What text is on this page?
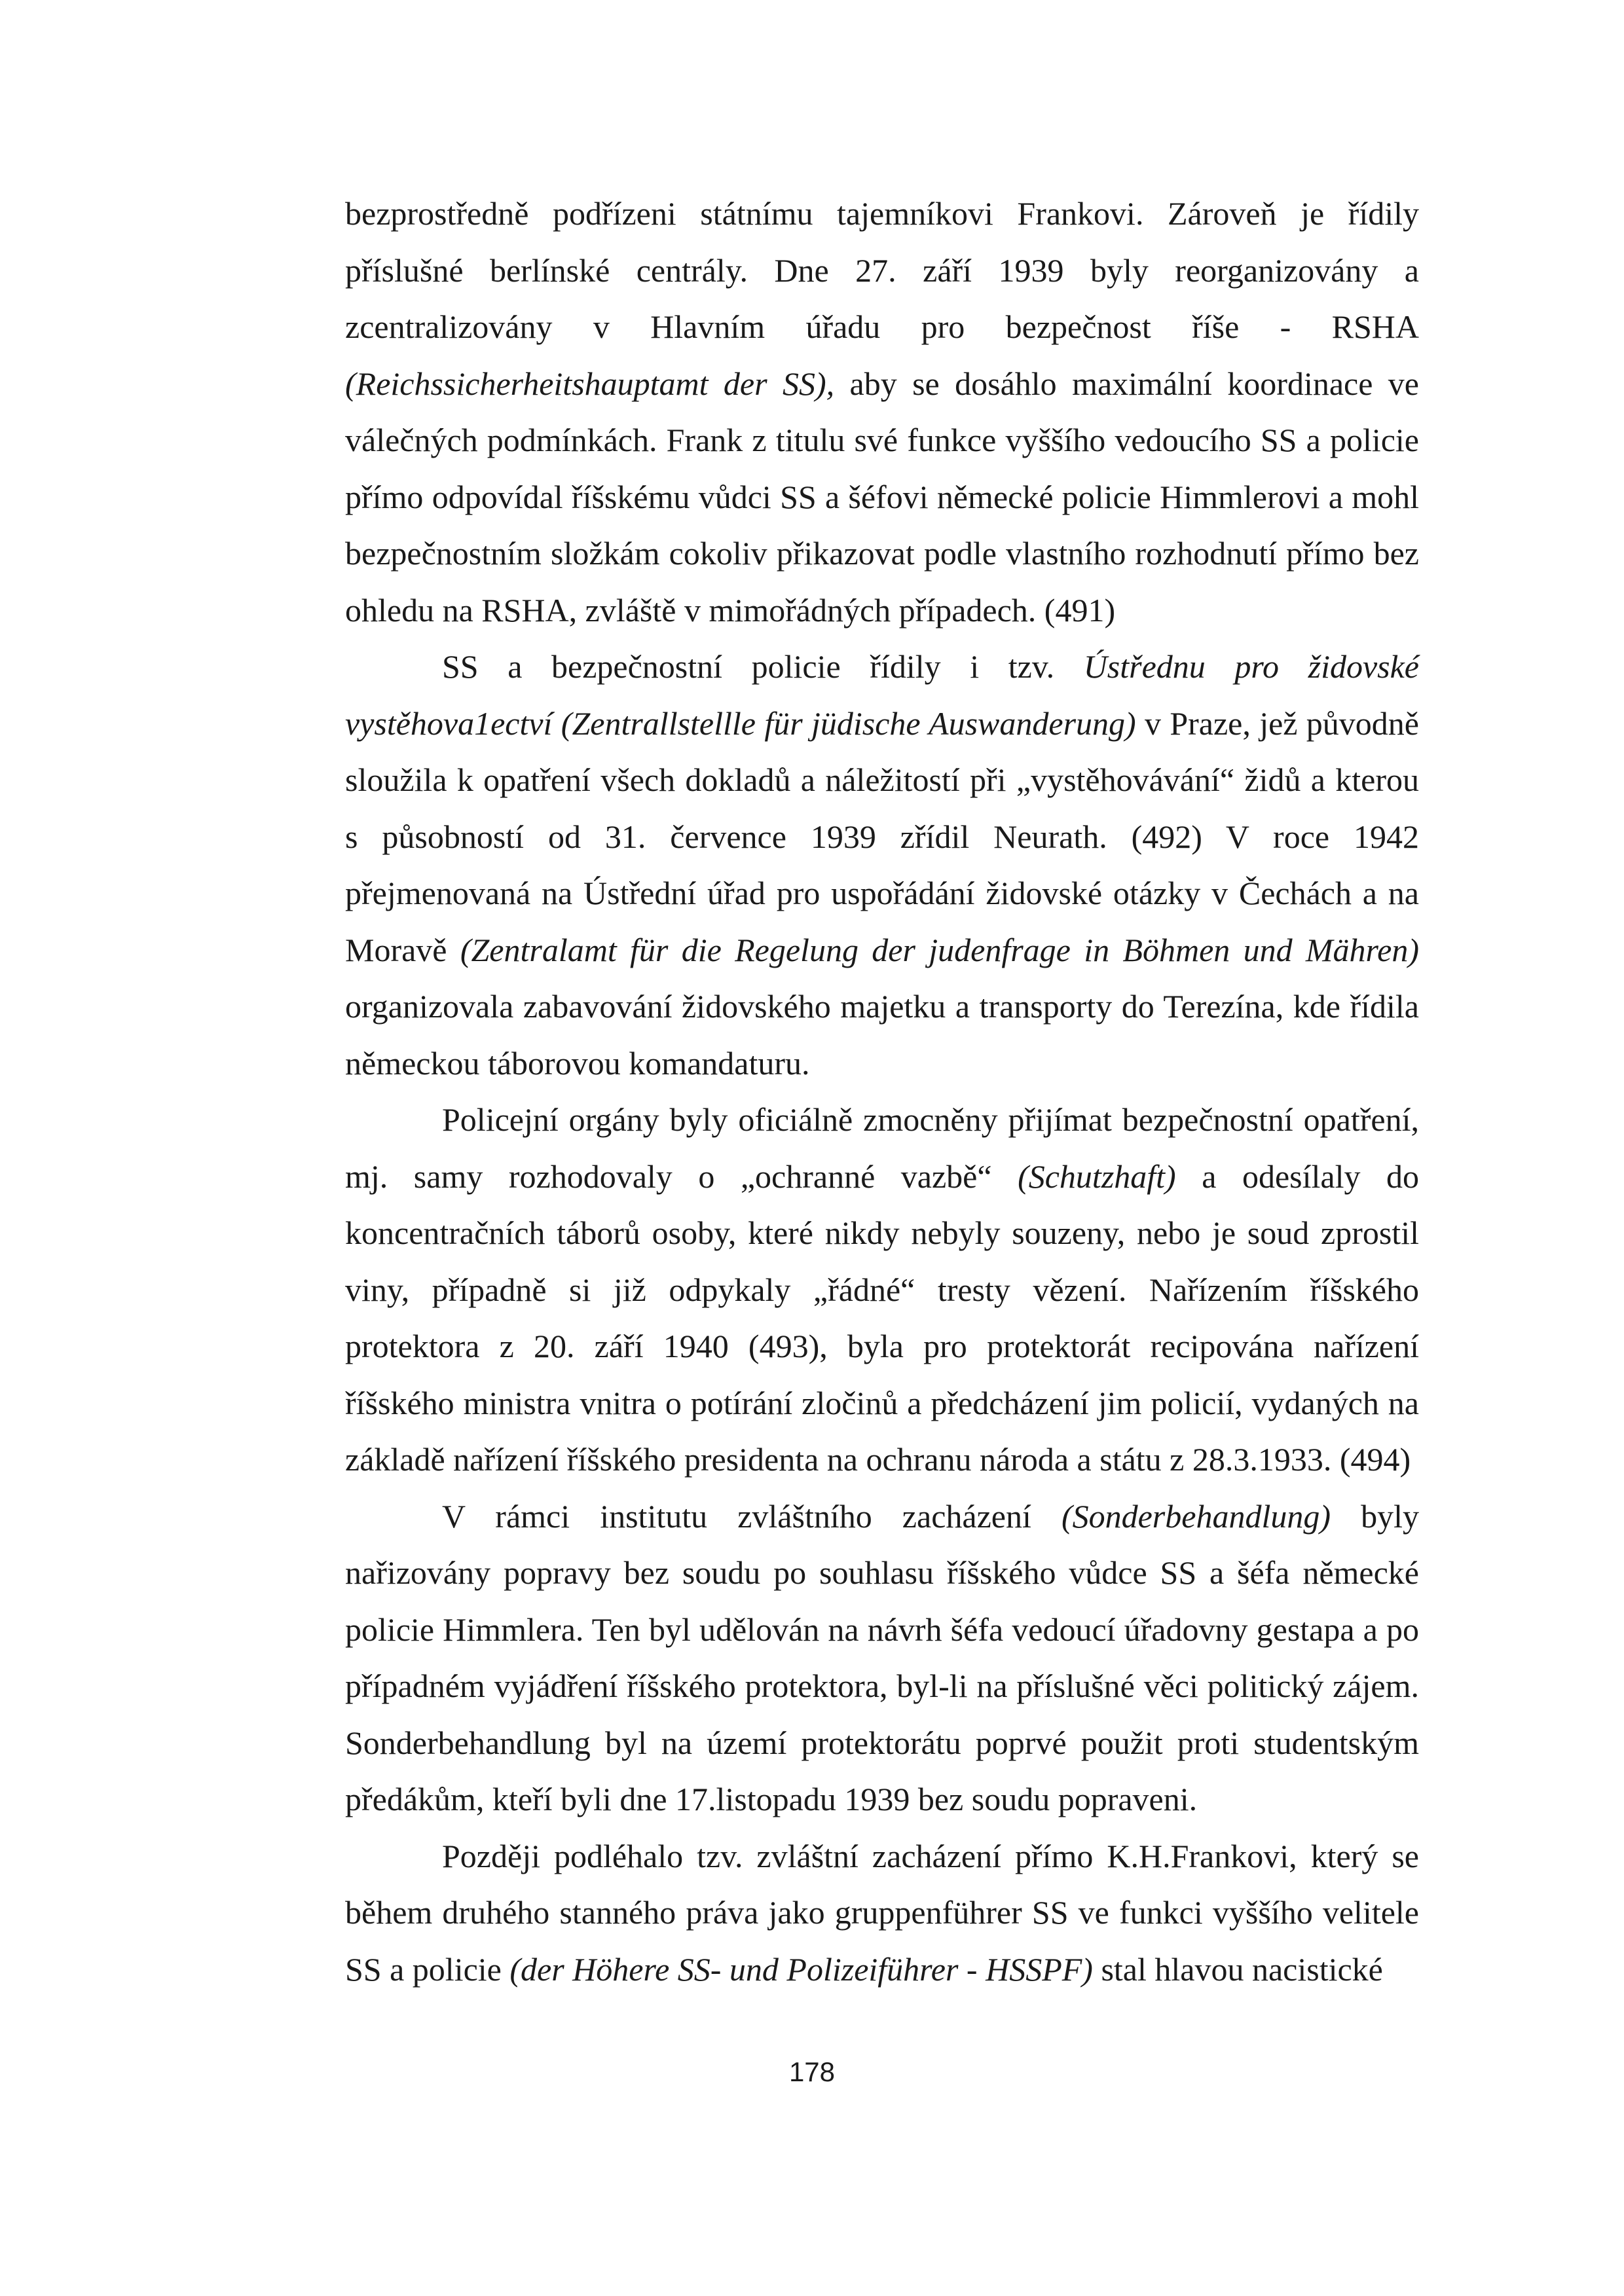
bezprostředně podřízeni státnímu tajemníkovi Frankovi. Zároveň je řídily příslušné berlínské centrály. Dne 27. září 1939 byly reorganizovány a zcentralizovány v Hlavním úřadu pro bezpečnost říše - RSHA (Reichssicherheitshauptamt der SS), aby se dosáhlo maximální koordinace ve válečných podmínkách. Frank z titulu své funkce vyššího vedoucího SS a policie přímo odpovídal říšskému vůdci SS a šéfovi německé policie Himmlerovi a mohl bezpečnostním složkám cokoliv přikazovat podle vlastního rozhodnutí přímo bez ohledu na RSHA, zvláště v mimořádných případech. (491)

SS a bezpečnostní policie řídily i tzv. Ústřednu pro židovské vystěhova1ectví (Zentrallstellle für jüdische Auswanderung) v Praze, jež původně sloužila k opatření všech dokladů a náležitostí při „vystěhovávání“ židů a kterou s působností od 31. července 1939 zřídil Neurath. (492) V roce 1942 přejmenovaná na Ústřední úřad pro uspořádání židovské otázky v Čechách a na Moravě (Zentralamt für die Regelung der judenfrage in Böhmen und Mähren) organizovala zabavování židovského majetku a transporty do Terezína, kde řídila německou táborovou komandaturu.

Policejní orgány byly oficiálně zmocněny přijímat bezpečnostní opatření, mj. samy rozhodovaly o „ochranné vazbě“ (Schutzhaft) a odesílaly do koncentračních táborů osoby, které nikdy nebyly souzeny, nebo je soud zprostil viny, případně si již odpykaly „řádné“ tresty vězení. Nařízením říšského protektora z 20. září 1940 (493), byla pro protektorát recipována nařízení říšského ministra vnitra o potírání zločinů a předcházení jim policií, vydaných na základě nařízení říšského presidenta na ochranu národa a státu z 28.3.1933. (494)

V rámci institutu zvláštního zacházení (Sonderbehandlung) byly nařizovány popravy bez soudu po souhlasu říšského vůdce SS a šéfa německé policie Himmlera. Ten byl udělován na návrh šéfa vedoucí úřadovny gestapa a po případném vyjádření říšského protektora, byl-li na příslušné věci politický zájem. Sonderbehandlung byl na území protektorátu poprvé použit proti studentským předákům, kteří byli dne 17.listopadu 1939 bez soudu popraveni.

Později podléhalo tzv. zvláštní zacházení přímo K.H.Frankovi, který se během druhého stanného práva jako gruppenführer SS ve funkci vyššího velitele SS a policie (der Höhere SS- und Polizeiführer - HSSPF) stal hlavou nacistické

178
